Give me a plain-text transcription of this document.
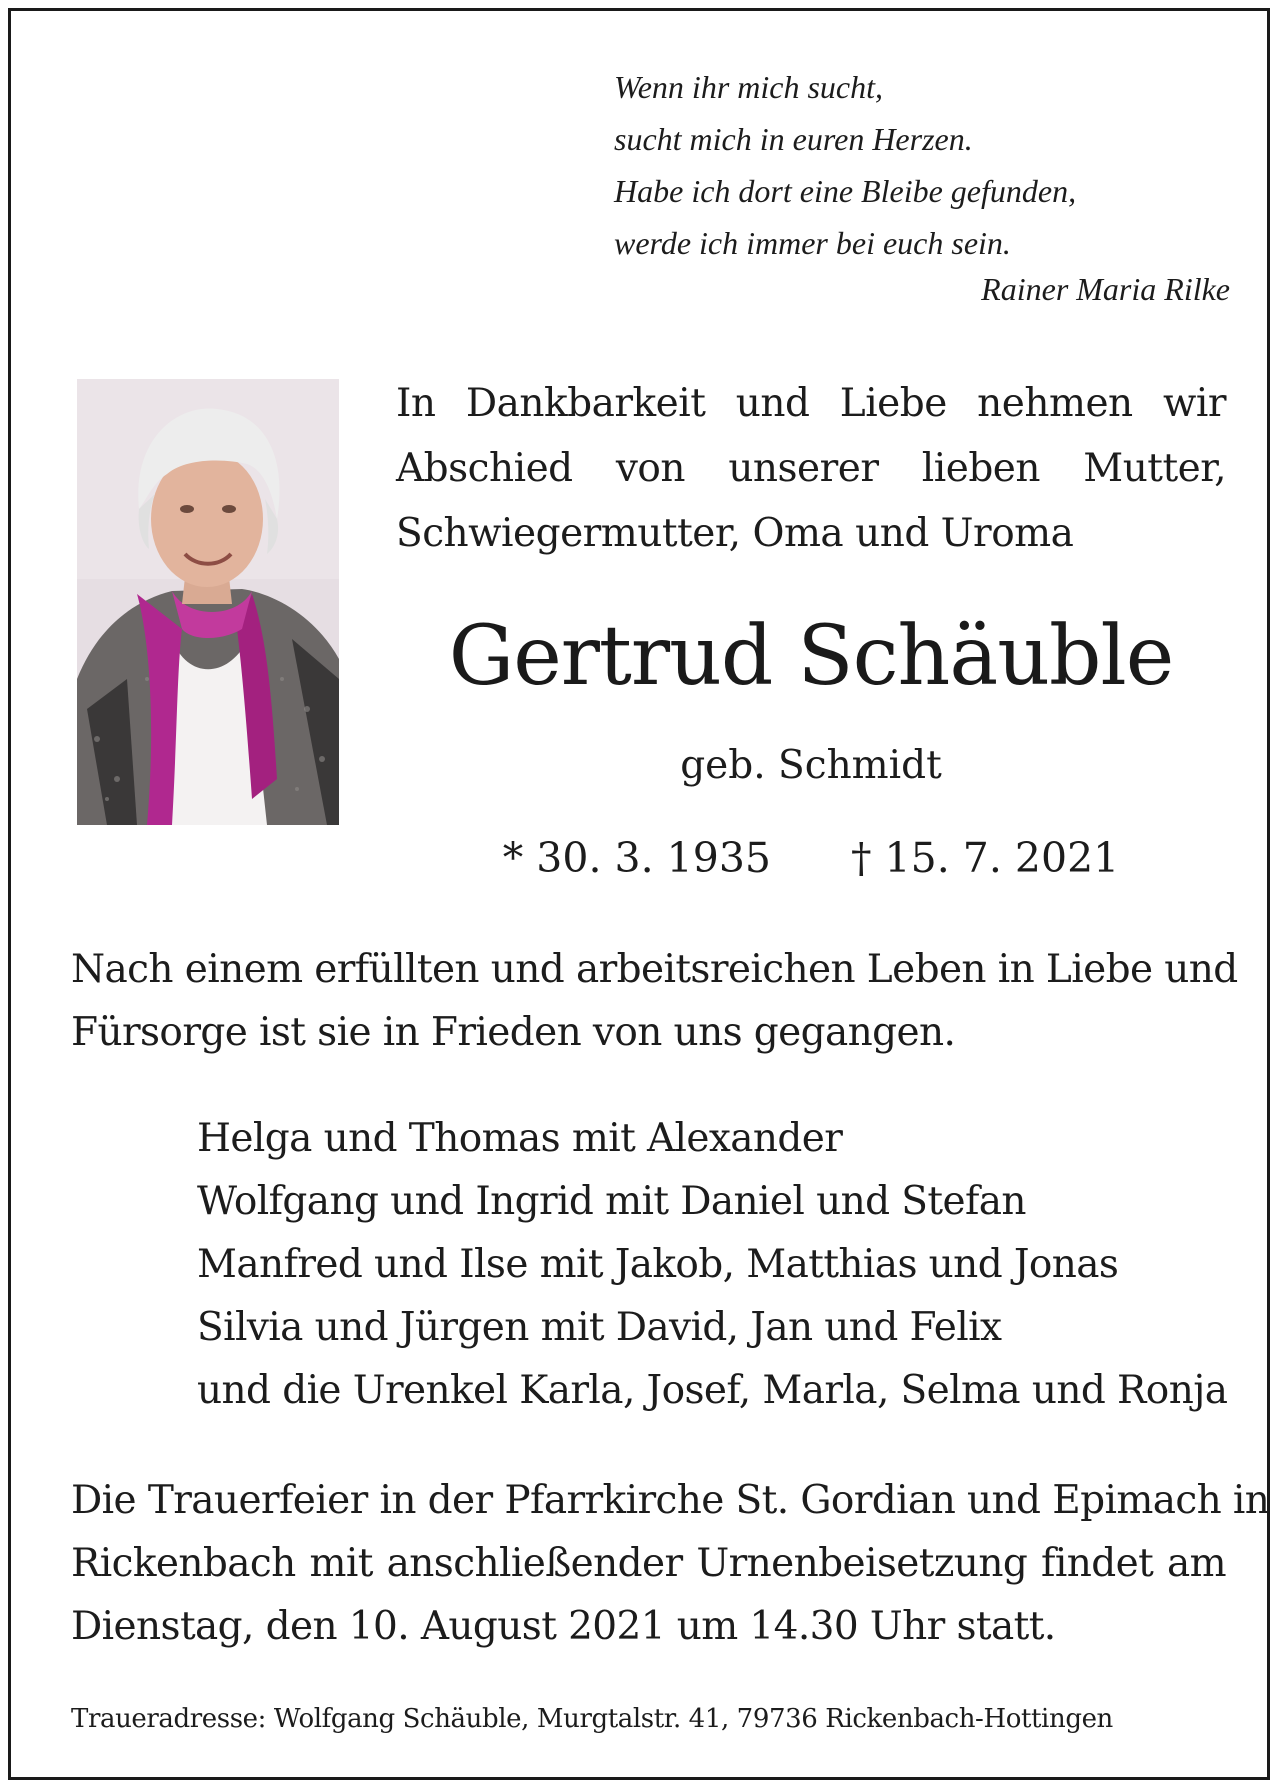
Wenn ihr mich sucht,
sucht mich in euren Herzen.
Habe ich dort eine Bleibe gefunden,
werde ich immer bei euch sein.
Rainer Maria Rilke
In Dankbarkeit und Liebe nehmen wir
Abschied von unserer lieben Mutter,
Schwiegermutter, Oma und Uroma
Gertrud Schäuble
geb. Schmidt
* 30. 3. 1935 † 15. 7. 2021
Nach einem erfüllten und arbeitsreichen Leben in Liebe und
Fürsorge ist sie in Frieden von uns gegangen.
Helga und Thomas mit Alexander
Wolfgang und Ingrid mit Daniel und Stefan
Manfred und Ilse mit Jakob, Matthias und Jonas
Silvia und Jürgen mit David, Jan und Felix
und die Urenkel Karla, Josef, Marla, Selma und Ronja
Die Trauerfeier in der Pfarrkirche St. Gordian und Epimach in
Rickenbach mit anschließender Urnenbeisetzung findet am
Dienstag, den 10. August 2021 um 14.30 Uhr statt.
Traueradresse: Wolfgang Schäuble, Murgtalstr. 41, 79736 Rickenbach-Hottingen
